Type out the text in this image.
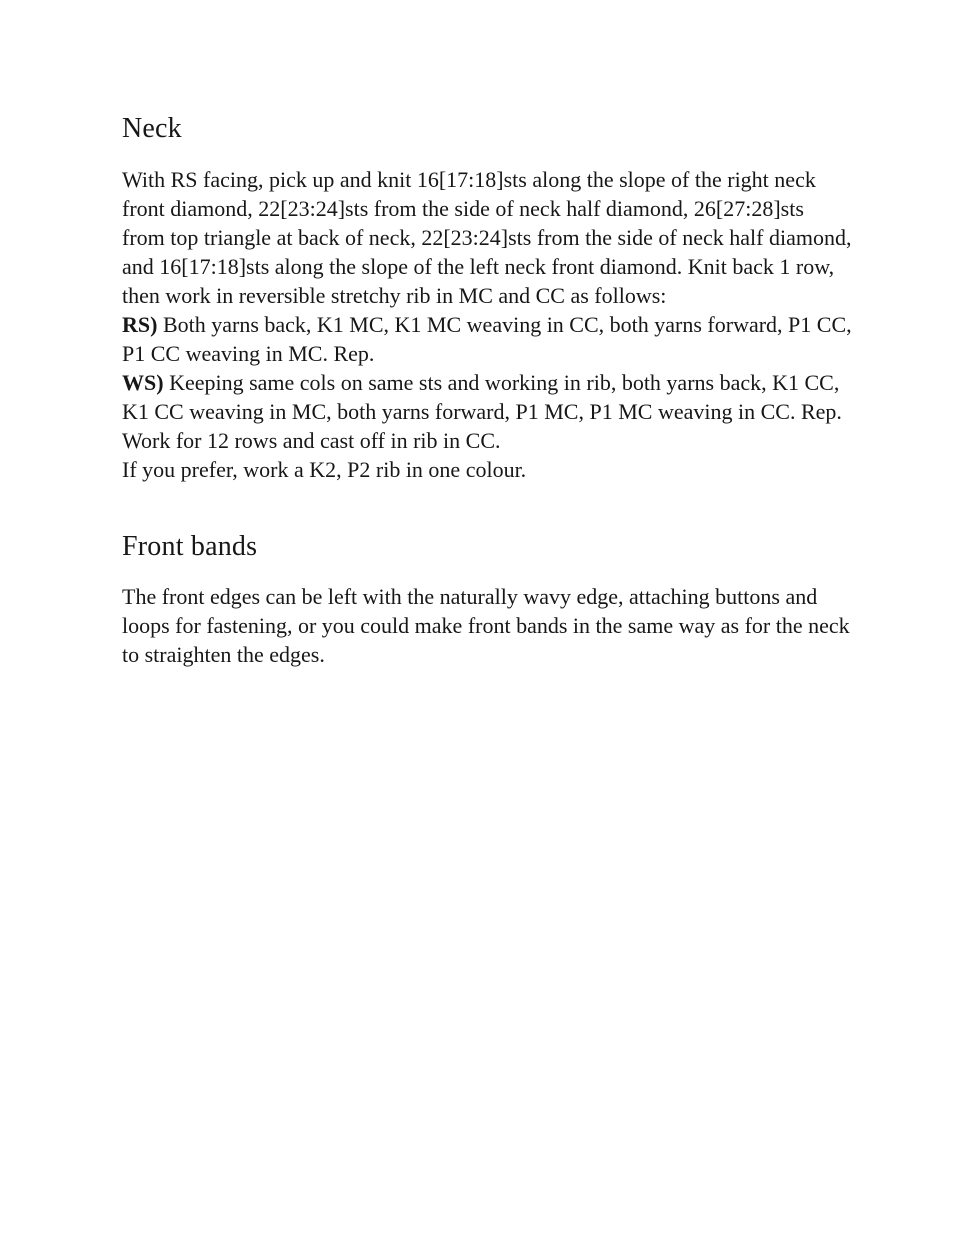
Neck

With RS facing, pick up and knit 16[17:18]sts along the slope of the right neck front diamond, 22[23:24]sts from the side of neck half diamond, 26[27:28]sts from top triangle at back of neck, 22[23:24]sts from the side of neck half diamond, and 16[17:18]sts along the slope of the left neck front diamond. Knit back 1 row, then work in reversible stretchy rib in MC and CC as follows:

RS) Both yarns back, K1 MC, K1 MC weaving in CC, both yarns forward, P1 CC, P1 CC weaving in MC. Rep.

WS) Keeping same cols on same sts and working in rib, both yarns back, K1 CC, K1 CC weaving in MC, both yarns forward, P1 MC, P1 MC weaving in CC. Rep.

Work for 12 rows and cast off in rib in CC.

If you prefer, work a K2, P2 rib in one colour.

Front bands

The front edges can be left with the naturally wavy edge, attaching buttons and loops for fastening, or you could make front bands in the same way as for the neck to straighten the edges.
